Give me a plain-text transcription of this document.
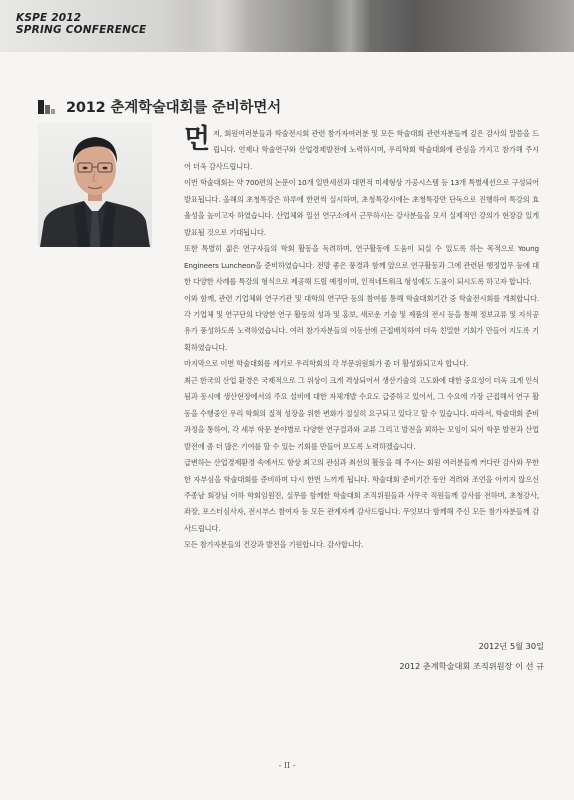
KSPE 2012
SPRING CONFERENCE
2012 춘계학술대회를 준비하면서

먼저, 회원여러분들과 학술전시회 관련 참가자여러분 및 모든 학술대회 관련자분들께 깊은 감사의 말씀을 드립니다. 언제나 학술연구와 산업경제발전에 노력하시며, 우리학회 학술대회에 관심을 가지고 참가해 주시어 더욱 감사드립니다.

이번 학술대회는 약 700편의 논문이 10개 일반세션과 대면적 미세형상 가공시스템 등 13개 특별세션으로 구성되어 발표됩니다. 올해의 초청특강은 하루에 한편씩 실시하며, 초청특강시에는 초청특강만 단독으로 진행하여 특강의 효율성을 높이고자 하였습니다. 산업체와 일선 연구소에서 근무하시는 강사분들을 모셔 실제적인 강의가 현장감 있게 발표될 것으로 기대됩니다.

또한 특별히 젊은 연구자들의 학회 활동을 독려하며, 연구활동에 도움이 되실 수 있도록 하는 목적으로 Young Engineers Luncheon을 준비하였습니다. 전망 좋은 풍경과 함께 앞으로 연구활동과 그에 관련된 행정업무 등에 대한 다양한 사례를 특강의 형식으로 제공해 드릴 예정이며, 인적네트워크 형성에도 도움이 되시도록 하고자 합니다.

이와 함께, 관련 기업체와 연구기관 및 대학의 연구단 등의 참여를 통해 학술대회기간 중 학술전시회를 개최합니다. 각 기업체 및 연구단의 다양한 연구 활동의 성과 및 홍보, 새로운 기술 및 제품의 전시 등을 통해 정보교류 및 지식공유가 풍성하도록 노력하였습니다. 여러 참가자분들의 이동선에 근접배치하여 더욱 친밀한 기회가 만들어 지도록 기획하였습니다.

마지막으로 이번 학술대회를 계기로 우리학회의 각 부문위원회가 좀 더 활성화되고자 합니다.

최근 한국의 산업 환경은 국제적으로 그 위상이 크게 격상되어서 생산기술의 고도화에 대한 중요성이 더욱 크게 인식됨과 동시에 생산현장에서의 주요 설비에 대한 자체개발 수요도 급증하고 있어서, 그 수요에 가장 근접해서 연구 활동을 수행중인 우리 학회의 질적 성장을 위한 변화가 절실히 요구되고 있다고 할 수 있습니다. 따라서, 학술대회 준비과정을 통하여, 각 세부 학문 분야별로 다양한 연구결과와 교류 그리고 발전을 꾀하는 모임이 되어 학문 발전과 산업 발전에 좀 더 많은 기여를 할 수 있는 기회를 만들어 보도록 노력하겠습니다.

급변하는 산업경제환경 속에서도 항상 최고의 관심과 최선의 활동을 해 주시는 회원 여러분들께 커다란 감사와 무한한 자부심을 학술대회를 준비하며 다시 한번 느끼게 됩니다. 학술대회 준비기간 동안 격려와 조언을 아끼지 않으신 주종남 회장님 이하 학회임원진, 실무를 함께한 학술대회 조직위원들과 사무국 직원들께 감사를 전하며, 초청강사, 좌장, 포스터심사자, 전시부스 참여자 등 모든 관계자께 감사드립니다. 무엇보다 함께해 주신 모든 참가자분들께 감사드립니다.

모든 참가자분들의 건강과 발전을 기원합니다. 감사합니다.

2012년 5월 30일
2012 춘계학술대회 조직위원장 이 선 규
- II -
